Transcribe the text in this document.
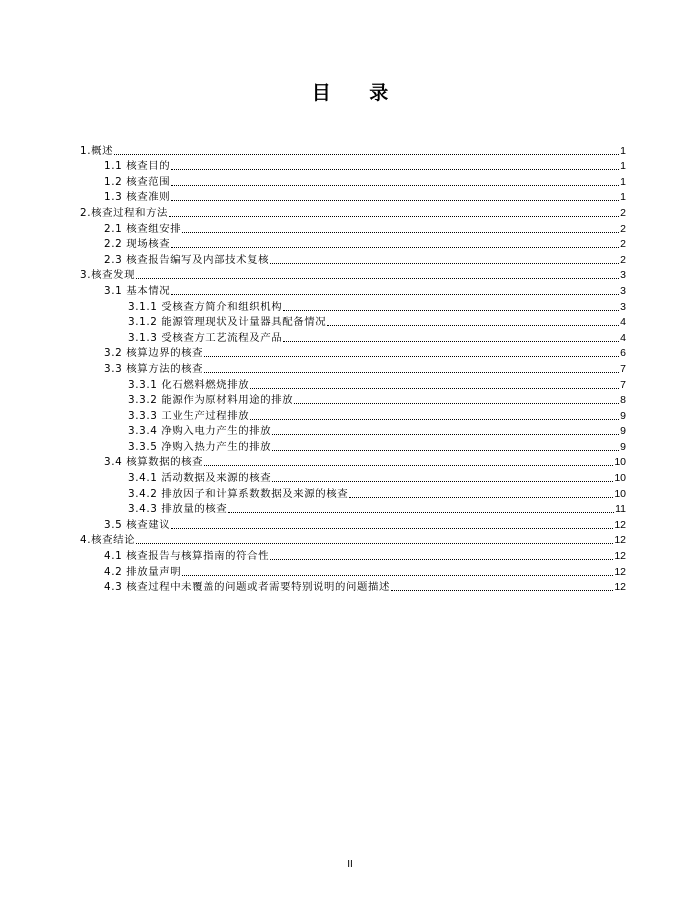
目 录
1.概述	1
1.1 核查目的	1
1.2 核查范围	1
1.3 核查准则	1
2.核查过程和方法	2
2.1 核查组安排	2
2.2 现场核查	2
2.3 核查报告编写及内部技术复核	2
3.核查发现	3
3.1 基本情况	3
3.1.1 受核查方简介和组织机构	3
3.1.2 能源管理现状及计量器具配备情况	4
3.1.3 受核查方工艺流程及产品	4
3.2 核算边界的核查	6
3.3 核算方法的核查	7
3.3.1 化石燃料燃烧排放	7
3.3.2 能源作为原材料用途的排放	8
3.3.3 工业生产过程排放	9
3.3.4 净购入电力产生的排放	9
3.3.5 净购入热力产生的排放	9
3.4 核算数据的核查	10
3.4.1 活动数据及来源的核查	10
3.4.2 排放因子和计算系数数据及来源的核查	10
3.4.3 排放量的核查	11
3.5 核查建议	12
4.核查结论	12
4.1 核查报告与核算指南的符合性	12
4.2 排放量声明	12
4.3 核查过程中未覆盖的问题或者需要特别说明的问题描述	12
II
